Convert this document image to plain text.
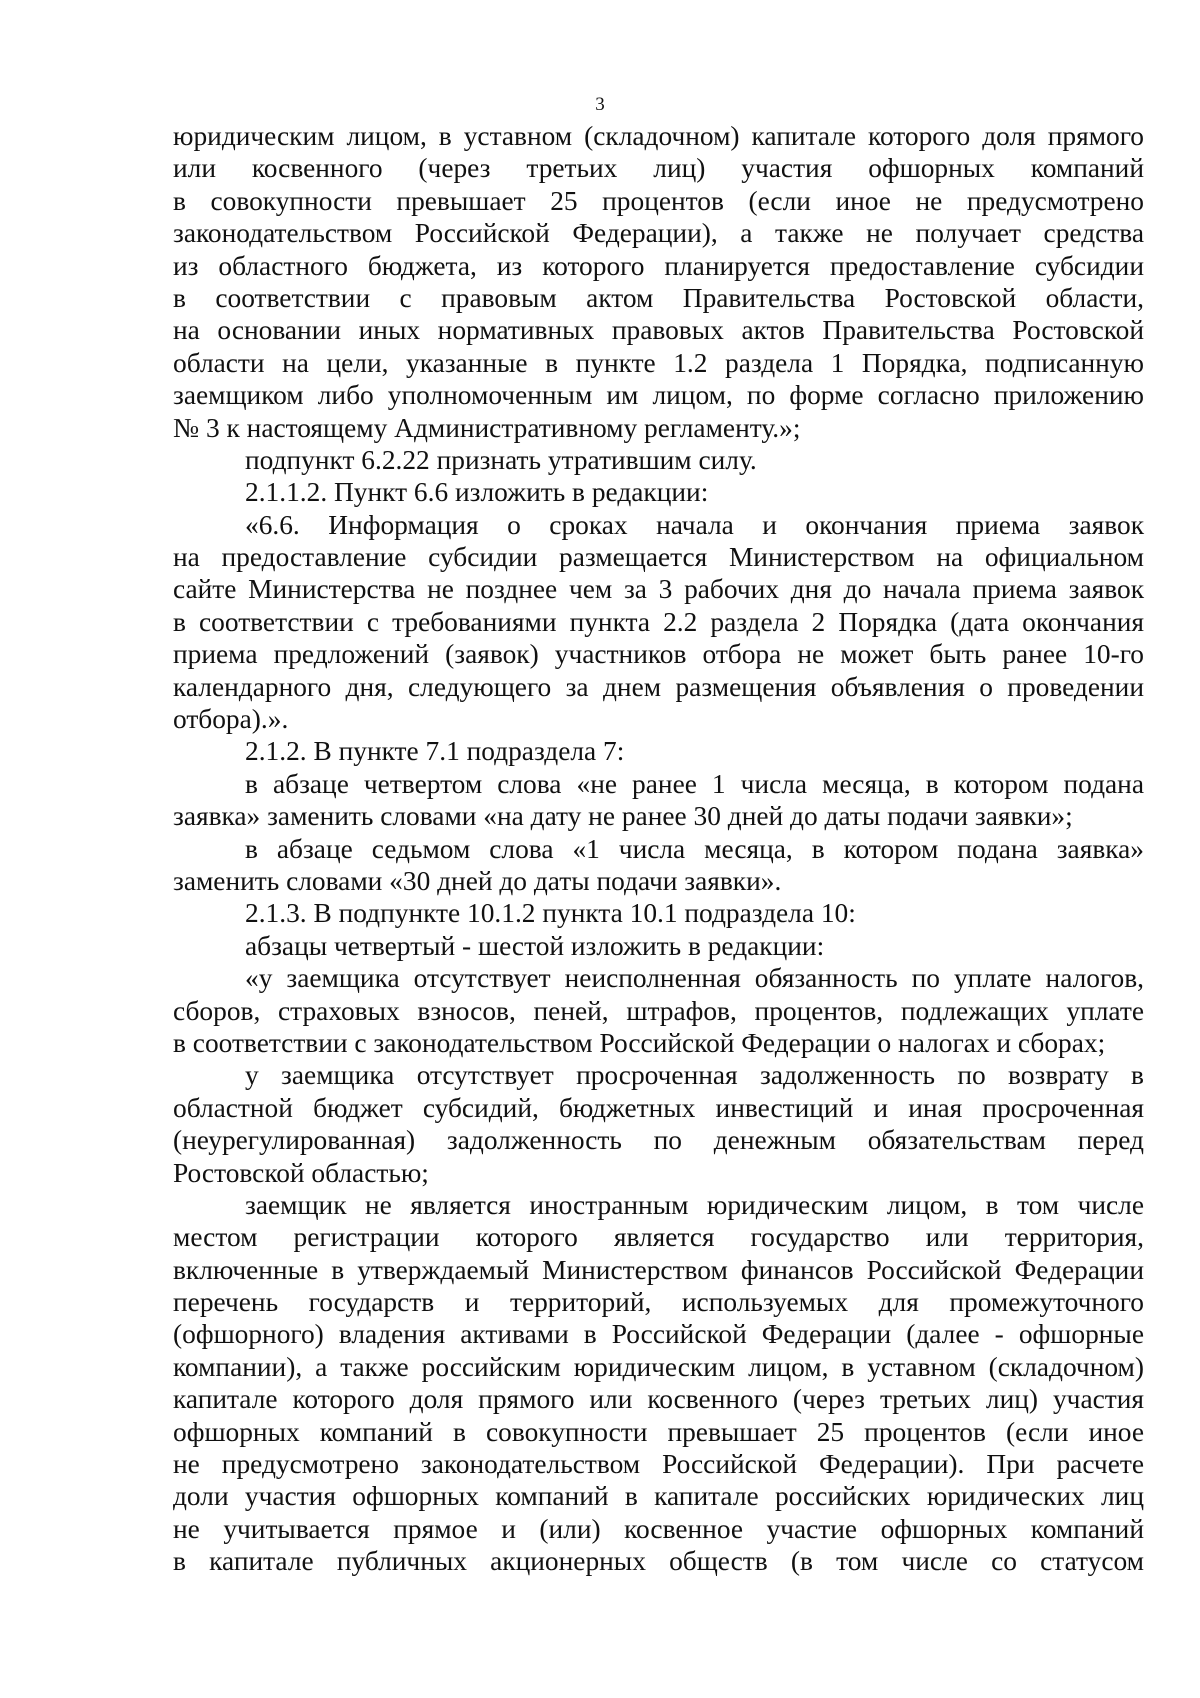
3
юридическим лицом, в уставном (складочном) капитале которого доля прямого
или косвенного (через третьих лиц) участия офшорных компаний
в совокупности превышает 25 процентов (если иное не предусмотрено
законодательством Российской Федерации), а также не получает средства
из областного бюджета, из которого планируется предоставление субсидии
в соответствии с правовым актом Правительства Ростовской области,
на основании иных нормативных правовых актов Правительства Ростовской
области на цели, указанные в пункте 1.2 раздела 1 Порядка, подписанную
заемщиком либо уполномоченным им лицом, по форме согласно приложению
№ 3 к настоящему Административному регламенту.»;
подпункт 6.2.22 признать утратившим силу.
2.1.1.2. Пункт 6.6 изложить в редакции:
«6.6. Информация о сроках начала и окончания приема заявок
на предоставление субсидии размещается Министерством на официальном
сайте Министерства не позднее чем за 3 рабочих дня до начала приема заявок
в соответствии с требованиями пункта 2.2 раздела 2 Порядка (дата окончания
приема предложений (заявок) участников отбора не может быть ранее 10-го
календарного дня, следующего за днем размещения объявления о проведении
отбора).».
2.1.2. В пункте 7.1 подраздела 7:
в абзаце четвертом слова «не ранее 1 числа месяца, в котором подана
заявка» заменить словами «на дату не ранее 30 дней до даты подачи заявки»;
в абзаце седьмом слова «1 числа месяца, в котором подана заявка»
заменить словами «30 дней до даты подачи заявки».
2.1.3. В подпункте 10.1.2 пункта 10.1 подраздела 10:
абзацы четвертый - шестой изложить в редакции:
«у заемщика отсутствует неисполненная обязанность по уплате налогов,
сборов, страховых взносов, пеней, штрафов, процентов, подлежащих уплате
в соответствии с законодательством Российской Федерации о налогах и сборах;
у заемщика отсутствует просроченная задолженность по возврату в
областной бюджет субсидий, бюджетных инвестиций и иная просроченная
(неурегулированная) задолженность по денежным обязательствам перед
Ростовской областью;
заемщик не является иностранным юридическим лицом, в том числе
местом регистрации которого является государство или территория,
включенные в утверждаемый Министерством финансов Российской Федерации
перечень государств и территорий, используемых для промежуточного
(офшорного) владения активами в Российской Федерации (далее - офшорные
компании), а также российским юридическим лицом, в уставном (складочном)
капитале которого доля прямого или косвенного (через третьих лиц) участия
офшорных компаний в совокупности превышает 25 процентов (если иное
не предусмотрено законодательством Российской Федерации). При расчете
доли участия офшорных компаний в капитале российских юридических лиц
не учитывается прямое и (или) косвенное участие офшорных компаний
в капитале публичных акционерных обществ (в том числе со статусом
